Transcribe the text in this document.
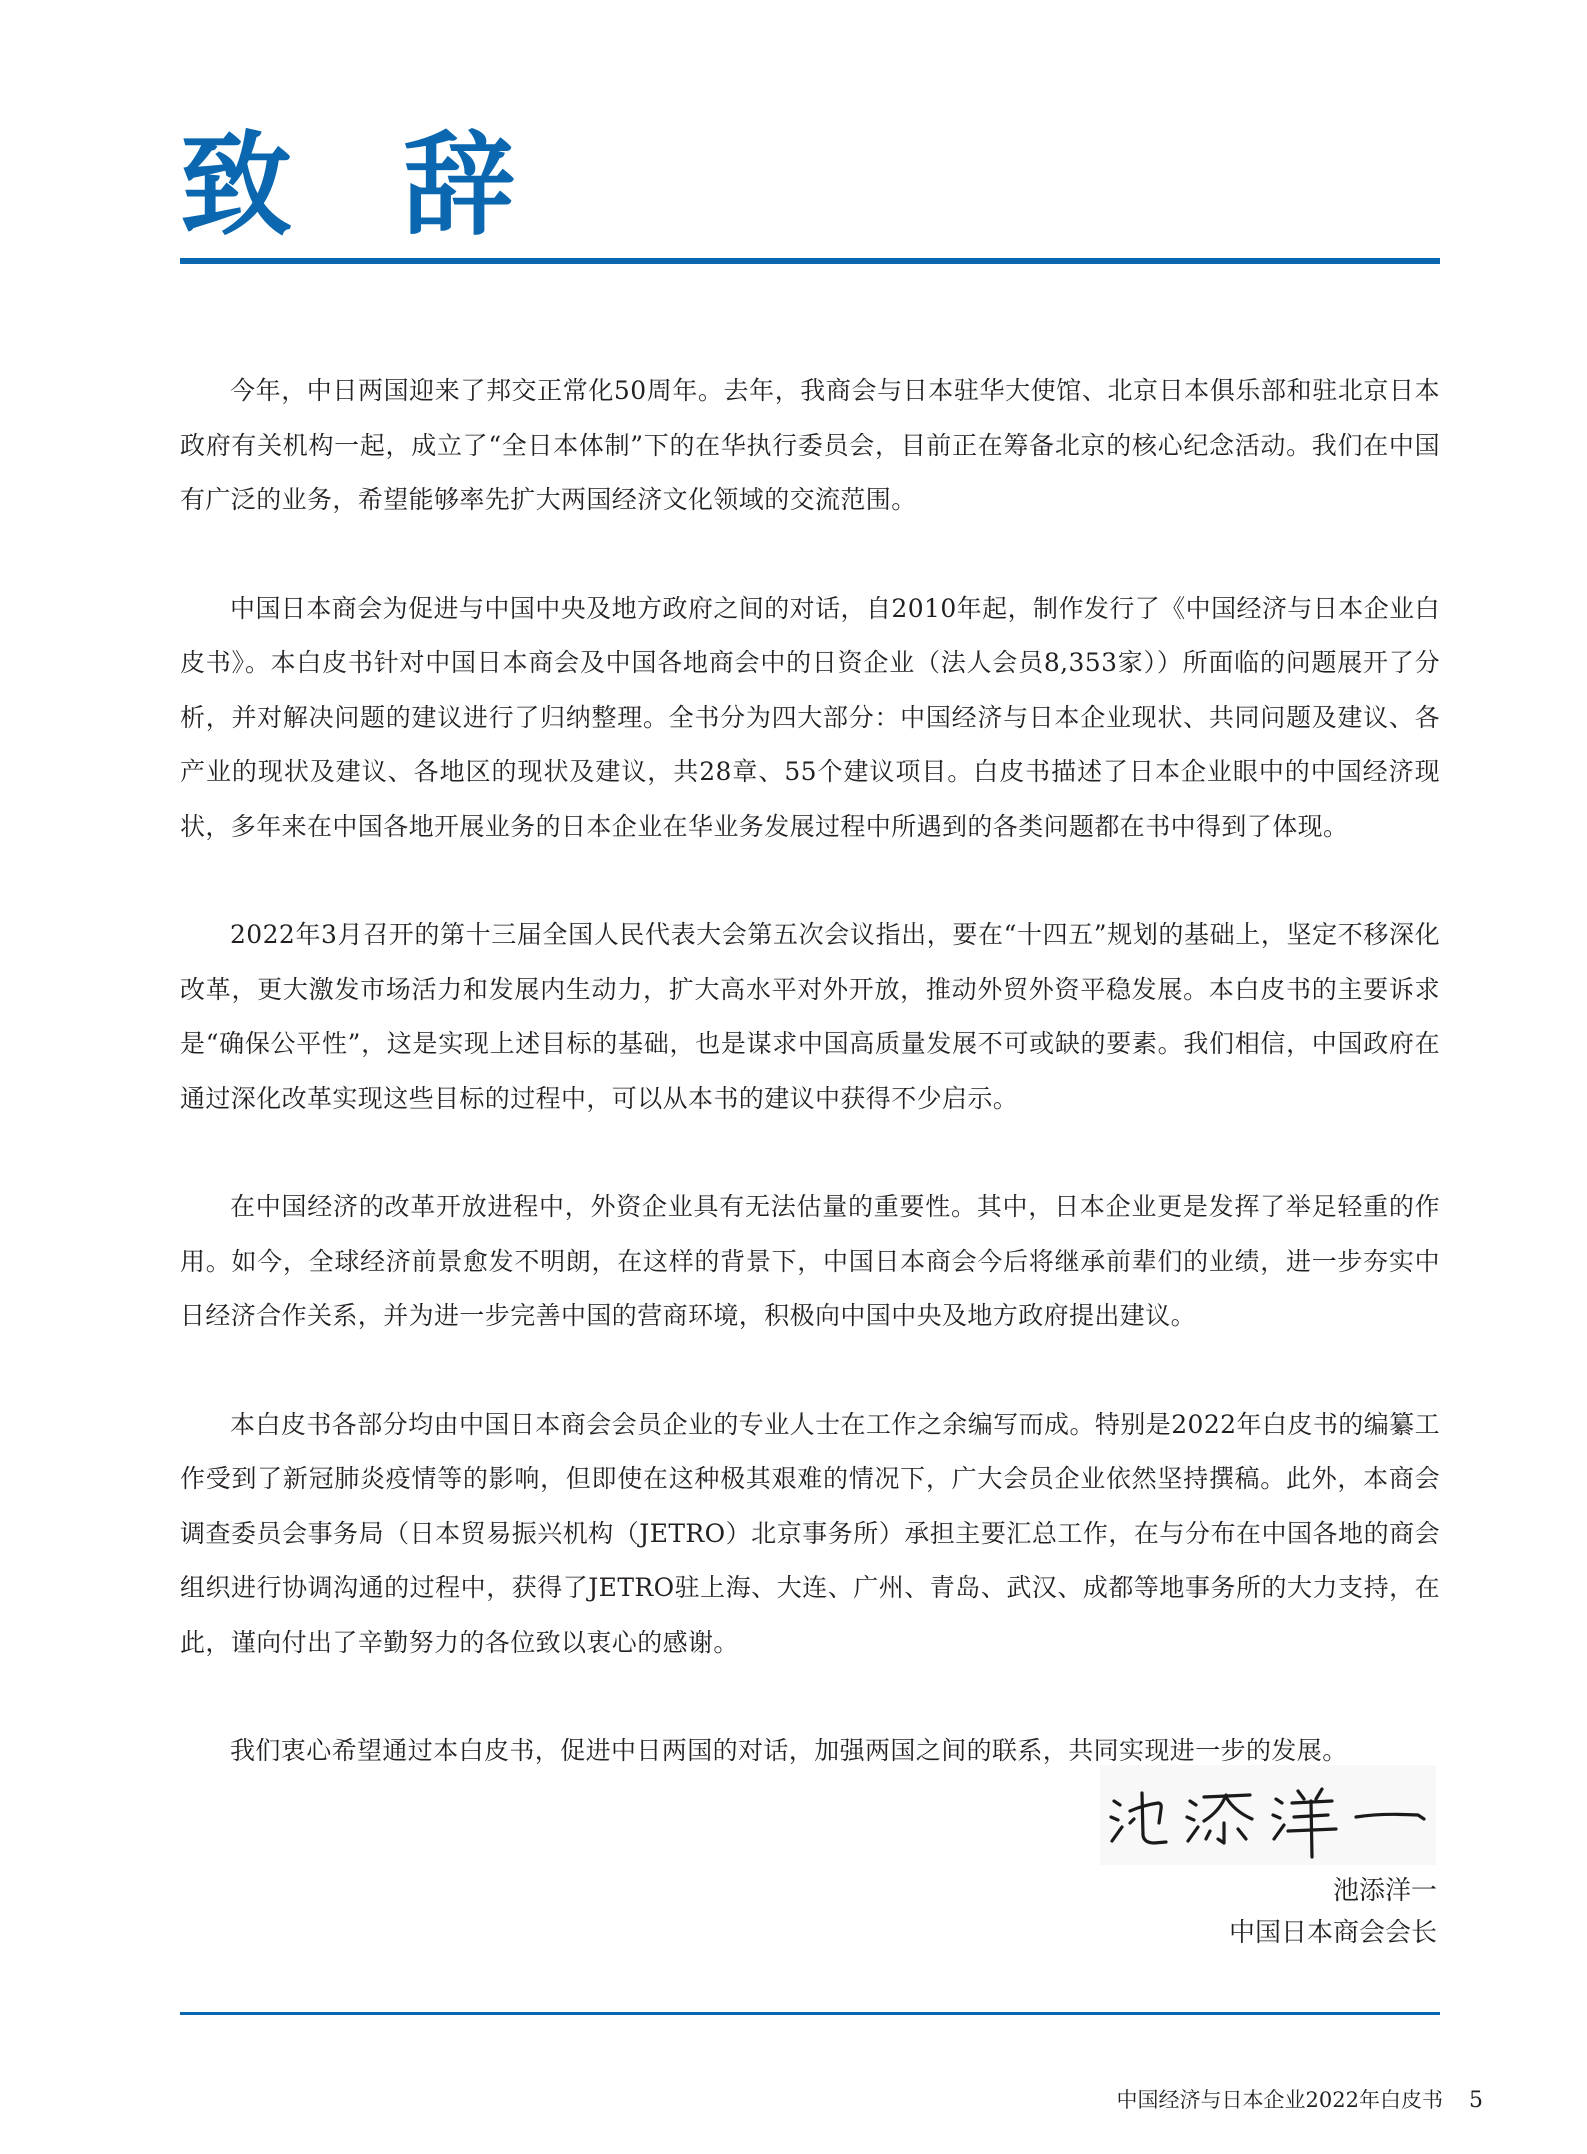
致 辞

今年，中日两国迎来了邦交正常化50周年。去年，我商会与日本驻华大使馆、北京日本俱乐部和驻北京日本政府有关机构一起，成立了“全日本体制”下的在华执行委员会，目前正在筹备北京的核心纪念活动。我们在中国有广泛的业务，希望能够率先扩大两国经济文化领域的交流范围。

中国日本商会为促进与中国中央及地方政府之间的对话，自2010年起，制作发行了《中国经济与日本企业白皮书》。本白皮书针对中国日本商会及中国各地商会中的日资企业（法人会员8,353家））所面临的问题展开了分析，并对解决问题的建议进行了归纳整理。全书分为四大部分：中国经济与日本企业现状、共同问题及建议、各产业的现状及建议、各地区的现状及建议，共28章、55个建议项目。白皮书描述了日本企业眼中的中国经济现状，多年来在中国各地开展业务的日本企业在华业务发展过程中所遇到的各类问题都在书中得到了体现。

2022年3月召开的第十三届全国人民代表大会第五次会议指出，要在“十四五”规划的基础上，坚定不移深化改革，更大激发市场活力和发展内生动力，扩大高水平对外开放，推动外贸外资平稳发展。本白皮书的主要诉求是“确保公平性”，这是实现上述目标的基础，也是谋求中国高质量发展不可或缺的要素。我们相信，中国政府在通过深化改革实现这些目标的过程中，可以从本书的建议中获得不少启示。

在中国经济的改革开放进程中，外资企业具有无法估量的重要性。其中，日本企业更是发挥了举足轻重的作用。如今，全球经济前景愈发不明朗，在这样的背景下，中国日本商会今后将继承前辈们的业绩，进一步夯实中日经济合作关系，并为进一步完善中国的营商环境，积极向中国中央及地方政府提出建议。

本白皮书各部分均由中国日本商会会员企业的专业人士在工作之余编写而成。特别是2022年白皮书的编纂工作受到了新冠肺炎疫情等的影响，但即使在这种极其艰难的情况下，广大会员企业依然坚持撰稿。此外，本商会调查委员会事务局（日本贸易振兴机构（JETRO）北京事务所）承担主要汇总工作，在与分布在中国各地的商会组织进行协调沟通的过程中，获得了JETRO驻上海、大连、广州、青岛、武汉、成都等地事务所的大力支持，在此，谨向付出了辛勤努力的各位致以衷心的感谢。

我们衷心希望通过本白皮书，促进中日两国的对话，加强两国之间的联系，共同实现进一步的发展。

池添洋一
中国日本商会会长
中国经济与日本企业2022年白皮书 5
